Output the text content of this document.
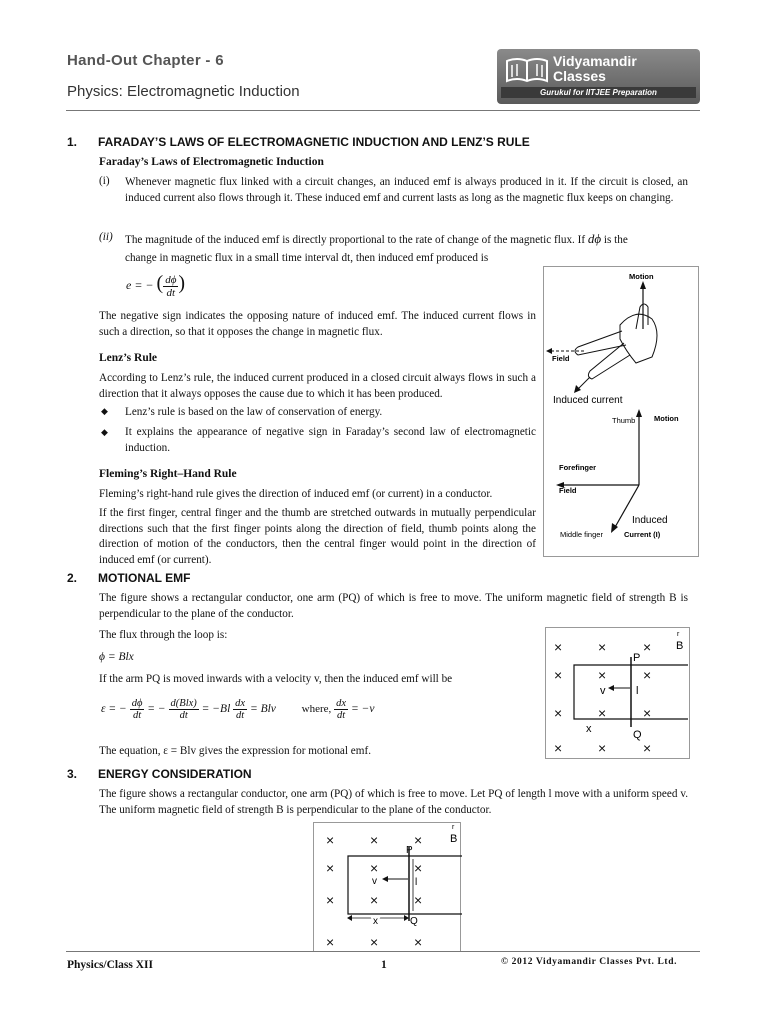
Hand-Out Chapter - 6
Physics: Electromagnetic Induction
Vidyamandir
Classes
Gurukul for IITJEE Preparation
1. FARADAY’S LAWS OF ELECTROMAGNETIC INDUCTION AND LENZ’S RULE
Faraday’s Laws of Electromagnetic Induction
(i) Whenever magnetic flux linked with a circuit changes, an induced emf is always produced in it. If the circuit is closed, an induced current also flows through it. These induced emf and current lasts as long as the magnetic flux keeps on changing.
(ii) The magnitude of the induced emf is directly proportional to the rate of change of the magnetic flux. If dϕ is the
change in magnetic flux in a small time interval dt, then induced emf produced is
e = − ( $\frac{d\phi}{dt}$ )
The negative sign indicates the opposing nature of induced emf. The induced current flows in such a direction, so that it opposes the change in magnetic flux.
Lenz’s Rule
According to Lenz’s rule, the induced current produced in a closed circuit always flows in such a direction that it always opposes the cause due to which it has been produced.
◆ Lenz’s rule is based on the law of conservation of energy.
◆ It explains the appearance of negative sign in Faraday’s second law of electromagnetic induction.
Fleming’s Right–Hand Rule
Fleming’s right-hand rule gives the direction of induced emf (or current) in a conductor.
If the first finger, central finger and the thumb are stretched outwards in mutually perpendicular directions such that the first finger points along the direction of field, thumb points along the direction of motion of the conductors, then the central finger would point in the direction of induced emf (or current).
Motion
Field
Induced current
Thumb Motion
Forefinger
Field
Induced
Middle finger	Current (I)
2. MOTIONAL EMF
The figure shows a rectangular conductor, one arm (PQ) of which is free to move. The uniform magnetic field of strength B is perpendicular to the plane of the conductor.
The flux through the loop is:
ϕ = Blx
If the arm PQ is moved inwards with a velocity v, then the induced emf will be
ε = − $\frac{d\phi}{dt}$ = − $\frac{\text{d(Blx)}}{dt} = -Bl \frac{dx}{dt}$ = Blv where, $\frac{dx}{dt} = -v$
The equation, ε = Blv gives the expression for motional emf.
×	×	×
×	×	×
×	×	×
×	×	×
r
B
P
v	l
x	Q
3. ENERGY CONSIDERATION
The figure shows a rectangular conductor, one arm (PQ) of which is free to move. Let PQ of length l move with a uniform speed v. The uniform magnetic field of strength B is perpendicular to the plane of the conductor.
×	×	×
×	×	×
×	×	×
×	×	×
r
B
P
v	l
x	Q
Physics/Class XII	1	© 2012 Vidyamandir Classes Pvt. Ltd.
